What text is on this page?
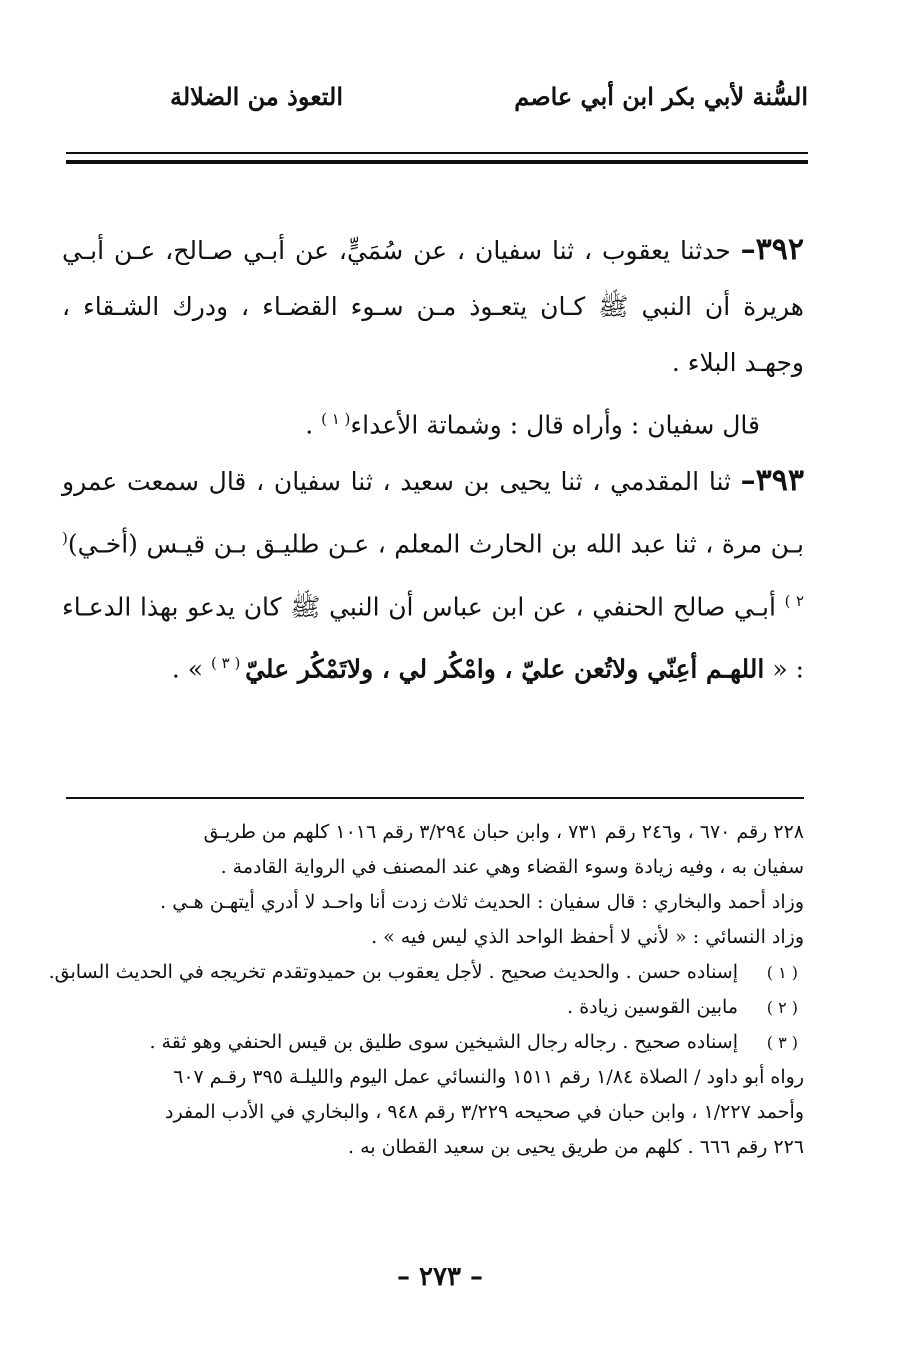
السُّنة لأبي بكر ابن أبي عاصم
التعوذ من الضلالة

٣٩٢– حدثنا يعقوب ، ثنا سفيان ، عن سُمَيٍّ، عن أبـي صـالح، عـن أبـي هريرة أن النبي ﷺ كـان يتعـوذ مـن سـوء القضـاء ، ودرك الشـقاء ، وجهـد البلاء .

قال سفيان : وأراه قال : وشماتة الأعداء$^{( ١ )}$ .

٣٩٣– ثنا المقدمي ، ثنا يحيى بن سعيد ، ثنا سفيان ، قال سمعت عمرو بـن مرة ، ثنا عبد الله بن الحارث المعلم ، عـن طليـق بـن قيـس (أخـي)$^{( ٢ )}$ أبـي صالح الحنفي ، عن ابن عباس أن النبي ﷺ كان يدعو بهذا الدعـاء : « اللهـم أعِنّي ولاتُعن عليّ ، وامْكُر لي ، ولاتَمْكُر عليّ $^{( ٣ )}$ » .

٢٢٨ رقم ٦٧٠ ، و٢٤٦ رقم ٧٣١ ، وابن حبان ٣/٢٩٤ رقم ١٠١٦ كلهم من طريـق

سفيان به ، وفيه زيادة وسوء القضاء وهي عند المصنف في الرواية القادمة .

وزاد أحمد والبخاري : قال سفيان : الحديث ثلاث زدت أنا واحـد لا أدري أيتهـن هـي .

وزاد النسائي : « لأني لا أحفظ الواحد الذي ليس فيه » .

( ١ )
إسناده حسن . والحديث صحيح . لأجل يعقوب بن حميدوتقدم تخريجه في الحديث السابق.

( ٢ )
مابين القوسين زيادة .

( ٣ )
إسناده صحيح . رجاله رجال الشيخين سوى طليق بن قيس الحنفي وهو ثقة .

رواه أبو داود / الصلاة ١/٨٤ رقم ١٥١١ والنسائي عمل اليوم والليلـة ٣٩٥ رقـم ٦٠٧

وأحمد ١/٢٢٧ ، وابن حبان في صحيحه ٣/٢٢٩ رقم ٩٤٨ ، والبخاري في الأدب المفرد

٢٢٦ رقم ٦٦٦ . كلهم من طريق يحيى بن سعيد القطان به .

– ٢٧٣ –
